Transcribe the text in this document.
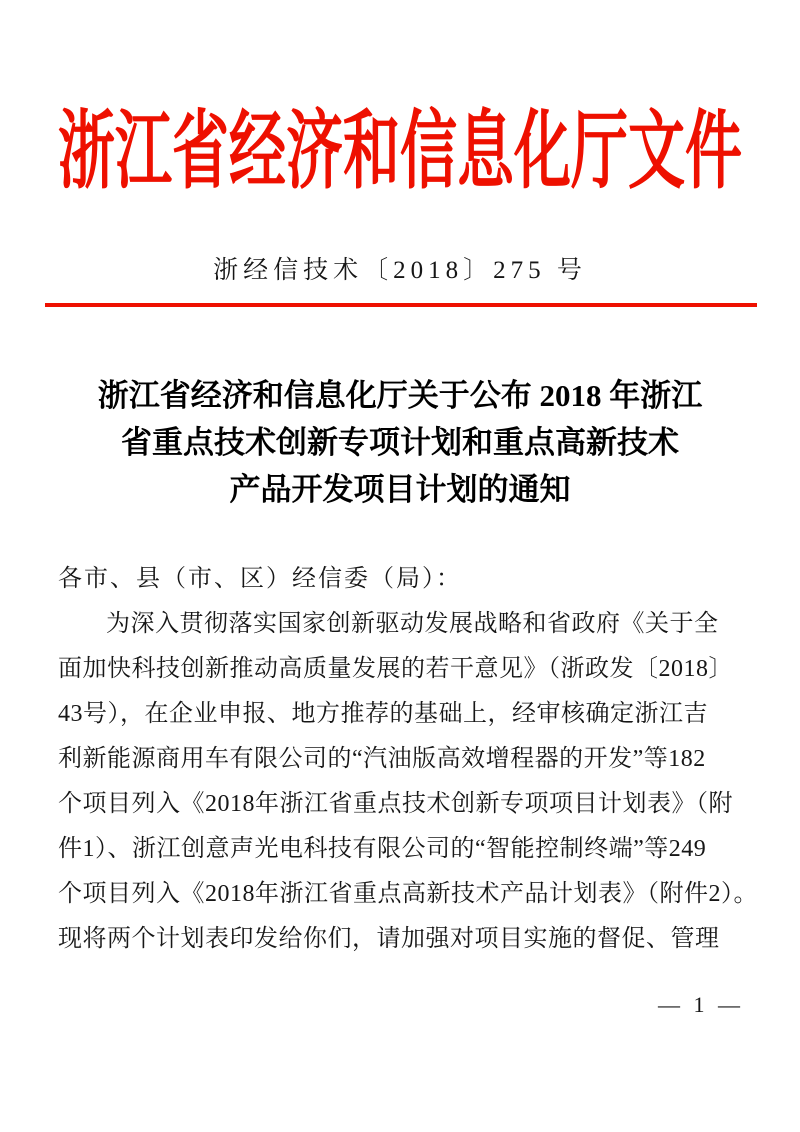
浙江省经济和信息化厅文件
浙经信技术〔2018〕275 号
浙江省经济和信息化厅关于公布 2018 年浙江
省重点技术创新专项计划和重点高新技术
产品开发项目计划的通知
各市、县（市、区）经信委（局）：
为深入贯彻落实国家创新驱动发展战略和省政府《关于全
面加快科技创新推动高质量发展的若干意见》（浙政发〔2018〕
43号），在企业申报、地方推荐的基础上，经审核确定浙江吉
利新能源商用车有限公司的“汽油版高效增程器的开发”等182
个项目列入《2018年浙江省重点技术创新专项项目计划表》（附
件1）、浙江创意声光电科技有限公司的“智能控制终端”等249
个项目列入《2018年浙江省重点高新技术产品计划表》（附件2）。
现将两个计划表印发给你们，请加强对项目实施的督促、管理
— 1 —
